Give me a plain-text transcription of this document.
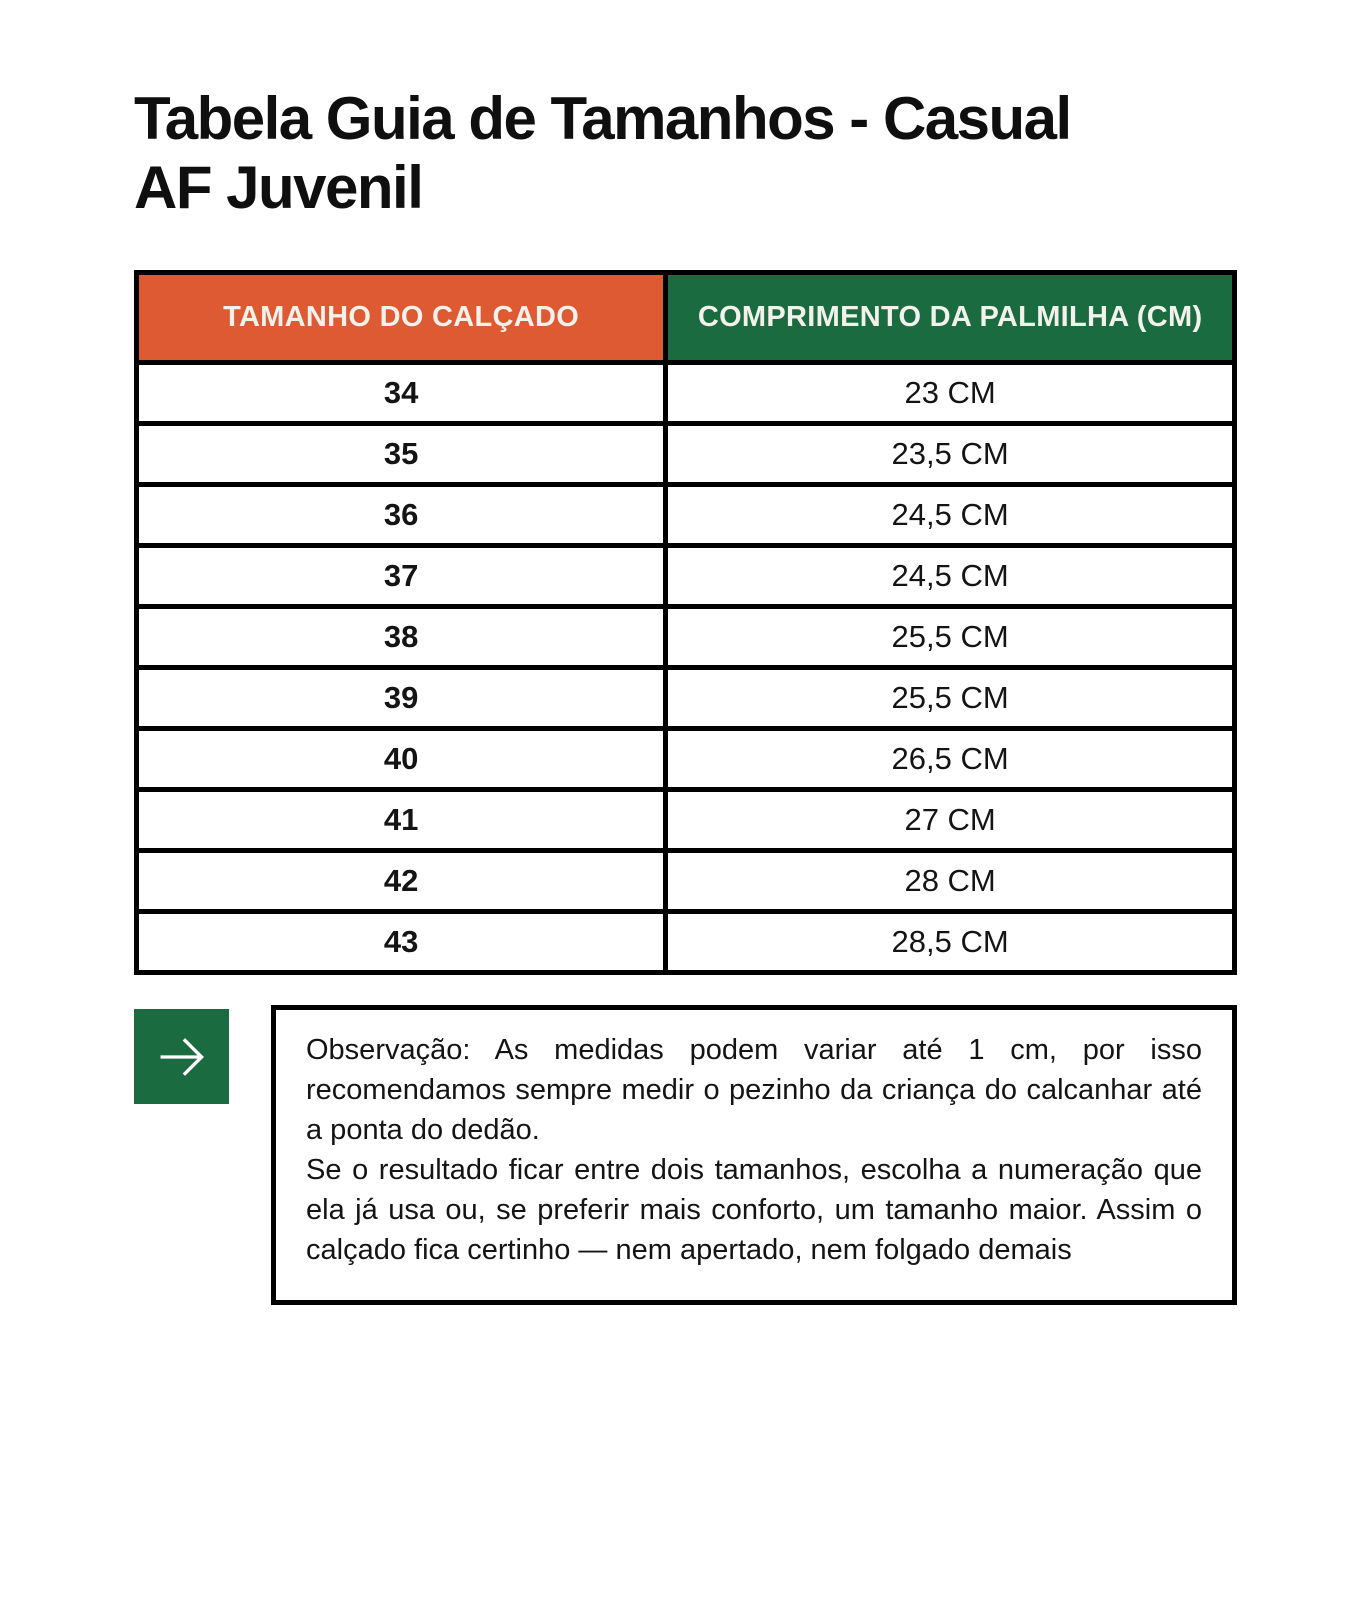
Tabela Guia de Tamanhos - Casual
AF Juvenil
TAMANHO DO CALÇADO	COMPRIMENTO DA PALMILHA (CM)
34	23 CM
35	23,5 CM
36	24,5 CM
37	24,5 CM
38	25,5 CM
39	25,5 CM
40	26,5 CM
41	27 CM
42	28 CM
43	28,5 CM

Observação: As medidas podem variar até 1 cm, por isso recomendamos sempre medir o pezinho da criança do calcanhar até a ponta do dedão.

Se o resultado ficar entre dois tamanhos, escolha a numeração que ela já usa ou, se preferir mais conforto, um tamanho maior. Assim o calçado fica certinho — nem apertado, nem folgado demais
